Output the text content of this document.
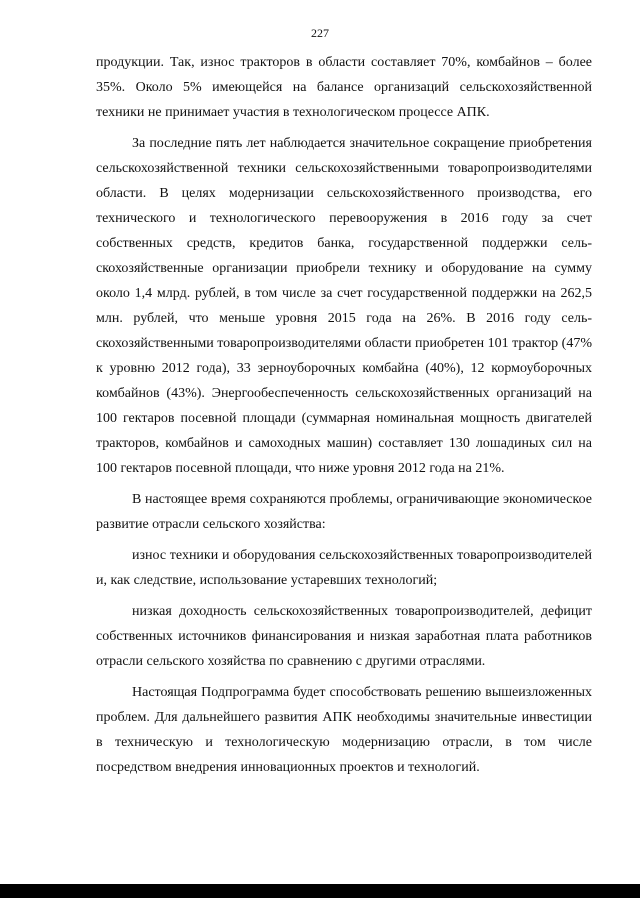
227

продукции. Так, износ тракторов в области составляет 70%, комбайнов – более 35%. Около 5% имеющейся на балансе организаций сельскохозяйственной техники не принимает участия в технологическом процессе АПК.

За последние пять лет наблюдается значительное сокращение приобретения сельскохозяйственной техники сельскохозяйственными товаропроизводителями области. В целях модернизации сельскохозяйственного производства, его технического и технологического перевооружения в 2016 году за счет собственных средств, кредитов банка, государственной поддержки сельскохозяйственные организации приобрели технику и оборудование на сумму около 1,4 млрд. рублей, в том числе за счет государственной поддержки на 262,5 млн. рублей, что меньше уровня 2015 года на 26%. В 2016 году сельскохозяйственными товаропроизводителями области приобретен 101 трактор (47% к уровню 2012 года), 33 зерноуборочных комбайна (40%), 12 кормоуборочных комбайнов (43%). Энергообеспеченность сельскохозяйственных организаций на 100 гектаров посевной площади (суммарная номинальная мощность двигателей тракторов, комбайнов и самоходных машин) составляет 130 лошадиных сил на 100 гектаров посевной площади, что ниже уровня 2012 года на 21%.

В настоящее время сохраняются проблемы, ограничивающие экономическое развитие отрасли сельского хозяйства:

износ техники и оборудования сельскохозяйственных товаропроизводителей и, как следствие, использование устаревших технологий;

низкая доходность сельскохозяйственных товаропроизводителей, дефицит собственных источников финансирования и низкая заработная плата работников отрасли сельского хозяйства по сравнению с другими отраслями.

Настоящая Подпрограмма будет способствовать решению вышеизложенных проблем. Для дальнейшего развития АПК необходимы значительные инвестиции в техническую и технологическую модернизацию отрасли, в том числе посредством внедрения инновационных проектов и технологий.
